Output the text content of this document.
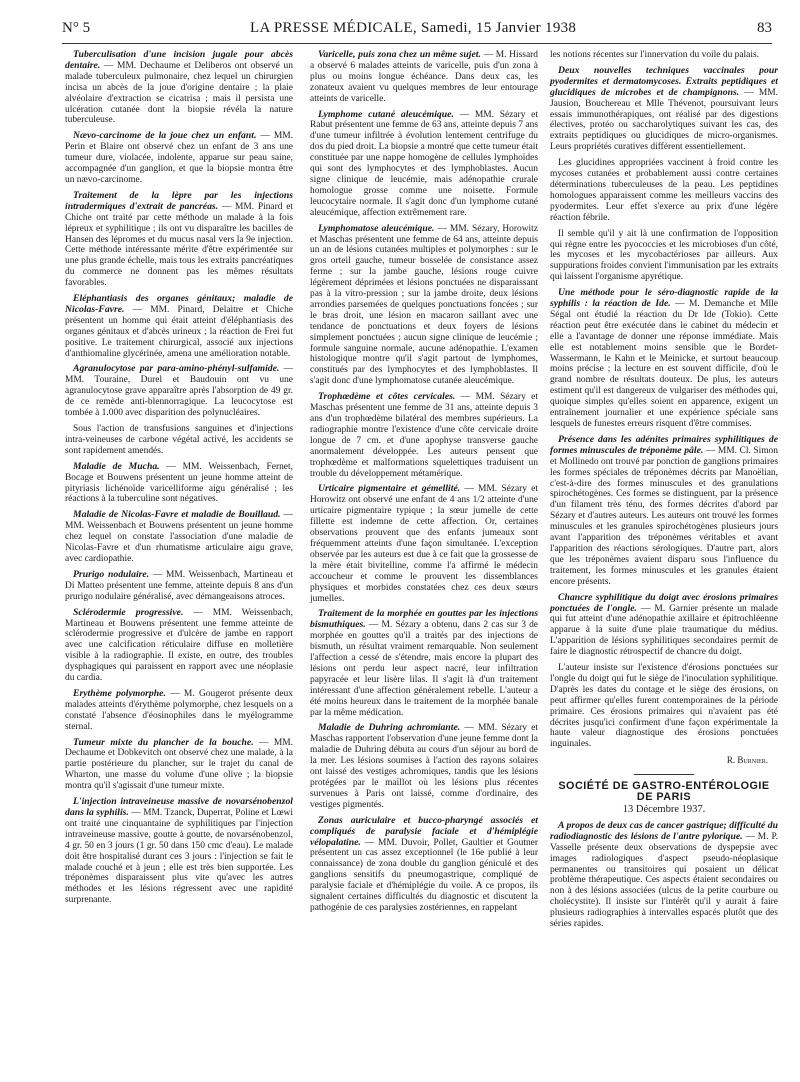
N° 5	LA PRESSE MÉDICALE, Samedi, 15 Janvier 1938	83

Tuberculisation d'une incision jugale pour abcès dentaire. — MM. Dechaume et Deliberos ont observé un malade tuberculeux pulmonaire, chez lequel un chirurgien incisa un abcès de la joue d'origine dentaire ; la plaie alvéolaire d'extraction se cicatrisa ; mais il persista une ulcération cutanée dont la biopsie révéla la nature tuberculeuse.

Nævo-carcinome de la joue chez un enfant. — MM. Perin et Blaire ont observé chez un enfant de 3 ans une tumeur dure, violacée, indolente, apparue sur peau saine, accompagnée d'un ganglion, et que la biopsie montra être un nævo-carcinome.

Traitement de la lèpre par les injections intradermiques d'extrait de pancréas. — MM. Pinard et Chiche ont traité par cette méthode un malade à la fois lépreux et syphilitique ; ils ont vu disparaître les bacilles de Hansen des lépromes et du mucus nasal vers la 9e injection. Cette méthode intéressante mérite d'être expérimentée sur une plus grande échelle, mais tous les extraits pancréatiques du commerce ne donnent pas les mêmes résultats favorables.

Eléphantiasis des organes génitaux; maladie de Nicolas-Favre. — MM. Pinard, Delaitre et Chiche présentent un homme qui était atteint d'éléphantiasis des organes génitaux et d'abcès urineux ; la réaction de Frei fut positive. Le traitement chirurgical, associé aux injections d'anthiomaline glycérinée, amena une amélioration notable.

Agranulocytose par para-amino-phényl-sulfamide. — MM. Touraine, Durel et Baudouin ont vu une agranulocytose grave apparaître après l'absorption de 49 gr. de ce remède anti-blennorragique. La leucocytose est tombée à 1.000 avec disparition des polynucléaires.

Sous l'action de transfusions sanguines et d'injections intra-veineuses de carbone végétal activé, les accidents se sont rapidement amendés.

Maladie de Mucha. — MM. Weissenbach, Fernet, Bocage et Bouwens présentent un jeune homme atteint de pityriasis lichénoïde varicelliforme aigu généralisé ; les réactions à la tuberculine sont négatives.

Maladie de Nicolas-Favre et maladie de Bouillaud. — MM. Weissenbach et Bouwens présentent un jeune homme chez lequel on constate l'association d'une maladie de Nicolas-Favre et d'un rhumatisme articulaire aigu grave, avec cardiopathie.

Prurigo nodulaire. — MM. Weissenbach, Martineau et Di Matteo présentent une femme, atteinte depuis 8 ans d'un prurigo nodulaire généralisé, avec démangeaisons atroces.

Sclérodermie progressive. — MM. Weissenbach, Martineau et Bouwens présentent une femme atteinte de sclérodermie progressive et d'ulcère de jambe en rapport avec une calcification réticulaire diffuse en molletière visible à la radiographie. Il existe, en outre, des troubles dysphagiques qui paraissent en rapport avec une néoplasie du cardia.

Erythème polymorphe. — M. Gougerot présente deux malades atteints d'érythème polymorphe, chez lesquels on a constaté l'absence d'éosinophiles dans le myélogramme sternal.

Tumeur mixte du plancher de la bouche. — MM. Dechaume et Dobkevitch ont observé chez une malade, à la partie postérieure du plancher, sur le trajet du canal de Wharton, une masse du volume d'une olive ; la biopsie montra qu'il s'agissait d'une tumeur mixte.

L'injection intraveineuse massive de novarsénobenzol dans la syphilis. — MM. Tzanck, Duperrat, Poline et Lœwi ont traité une cinquantaine de syphilitiques par l'injection intraveineuse massive, goutte à goutte, de novarsénobenzol, 4 gr. 50 en 3 jours (1 gr. 50 dans 150 cmc d'eau). Le malade doit être hospitalisé durant ces 3 jours : l'injection se fait le malade couché et à jeun ; elle est très bien supportée. Les tréponèmes disparaissent plus vite qu'avec les autres méthodes et les lésions régressent avec une rapidité surprenante.

Varicelle, puis zona chez un même sujet. — M. Hissard a observé 6 malades atteints de varicelle, puis d'un zona à plus ou moins longue échéance. Dans deux cas, les zonateux avaient vu quelques membres de leur entourage atteints de varicelle.

Lymphome cutané aleucémique. — MM. Sézary et Rabut présentent une femme de 63 ans, atteinte depuis 7 ans d'une tumeur infiltrée à évolution lentement centrifuge du dos du pied droit. La biopsie a montré que cette tumeur était constituée par une nappe homogène de cellules lymphoïdes qui sont des lymphocytes et des lymphoblastes. Aucun signe clinique de leucémie, mais adénopathie crurale homologue grosse comme une noisette. Formule leucocytaire normale. Il s'agit donc d'un lymphome cutané aleucémique, affection extrêmement rare.

Lymphomatose aleucémique. — MM. Sézary, Horowitz et Maschas présentent une femme de 64 ans, atteinte depuis un an de lésions cutanées multiples et polymorphes : sur le gros orteil gauche, tumeur bosselée de consistance assez ferme ; sur la jambe gauche, lésions rouge cuivre légèrement déprimées et lésions ponctuées ne disparaissant pas à la vitro-pression ; sur la jambe droite, deux lésions arrondies parsemées de quelques ponctuations foncées ; sur le bras droit, une lésion en macaron saillant avec une tendance de ponctuations et deux foyers de lésions simplement ponctuées ; aucun signe clinique de leucémie ; formule sanguine normale, aucune adénopathie. L'examen histologique montre qu'il s'agit partout de lymphomes, constitués par des lymphocytes et des lymphoblastes. Il s'agit donc d'une lymphomatose cutanée aleucémique.

Trophœdème et côtes cervicales. — MM. Sézary et Maschas présentent une femme de 31 ans, atteinte depuis 3 ans d'un trophœdème bilatéral des membres supérieurs. La radiographie montre l'existence d'une côte cervicale droite longue de 7 cm. et d'une apophyse transverse gauche anormalement développée. Les auteurs pensent que trophœdème et malformations squelettiques traduisent un trouble du développement métamérique.

Urticaire pigmentaire et gémellité. — MM. Sézary et Horowitz ont observé une enfant de 4 ans 1/2 atteinte d'une urticaire pigmentaire typique ; la sœur jumelle de cette fillette est indemne de cette affection. Or, certaines observations prouvent que des enfants jumeaux sont fréquemment atteints d'une façon simultanée. L'exception observée par les auteurs est due à ce fait que la grossesse de la mère était bivitelline, comme l'a affirmé le médecin accoucheur et comme le prouvent les dissemblances physiques et morbides constatées chez ces deux sœurs jumelles.

Traitement de la morphée en gouttes par les injections bismuthiques. — M. Sézary a obtenu, dans 2 cas sur 3 de morphée en gouttes qu'il a traités par des injections de bismuth, un résultat vraiment remarquable. Non seulement l'affection a cessé de s'étendre, mais encore la plupart des lésions ont perdu leur aspect nacré, leur infiltration papyracée et leur lisère lilas. Il s'agit là d'un traitement intéressant d'une affection généralement rebelle. L'auteur a été moins heureux dans le traitement de la morphée banale par la même médication.

Maladie de Duhring achromiante. — MM. Sézary et Maschas rapportent l'observation d'une jeune femme dont la maladie de Duhring débuta au cours d'un séjour au bord de la mer. Les lésions soumises à l'action des rayons solaires ont laissé des vestiges achromiques, tandis que les lésions protégées par le maillot où les lésions plus récentes survenues à Paris ont laissé, comme d'ordinaire, des vestiges pigmentés.

Zonas auriculaire et bucco-pharyngé associés et compliqués de paralysie faciale et d'hémiplégie vélopalatine. — MM. Duvoir, Pollet, Gaultier et Goutner présentent un cas assez exceptionnel (le 16e publié à leur connaissance) de zona double du ganglion géniculé et des ganglions sensitifs du pneumogastrique, compliqué de paralysie faciale et d'hémiplégie du voile. A ce propos, ils signalent certaines difficultés du diagnostic et discutent la pathogénie de ces paralysies zostériennes, en rappelant

les notions récentes sur l'innervation du voile du palais.

Deux nouvelles techniques vaccinales pour pyodermites et dermatomycoses. Extraits peptidiques et glucidiques de microbes et de champignons. — MM. Jausion, Bouchereau et Mlle Thévenot, poursuivant leurs essais immunothérapiques, ont réalisé par des digestions électives, protéo ou saccharolytiques suivant les cas, des extraits peptidiques ou glucidiques de micro-organismes. Leurs propriétés curatives diffèrent essentiellement.

Les glucidines appropriées vaccinent à froid contre les mycoses cutanées et probablement aussi contre certaines déterminations tuberculeuses de la peau. Les peptidines homologues apparaissent comme les meilleurs vaccins des pyodermites. Leur effet s'exerce au prix d'une légère réaction fébrile.

Il semble qu'il y ait là une confirmation de l'opposition qui règne entre les pyococcies et les microbioses d'un côté, les mycoses et les mycobactérioses par ailleurs. Aux suppurations froides convient l'immunisation par les extraits qui laissent l'organisme apyrétique.

Une méthode pour le séro-diagnostic rapide de la syphilis : la réaction de Ide. — M. Demanche et Mlle Ségal ont étudié la réaction du Dr Ide (Tokio). Cette réaction peut être exécutée dans le cabinet du médecin et elle a l'avantage de donner une réponse immédiate. Mais elle est notablement moins sensible que le Bordet-Wassermann, le Kahn et le Meinicke, et surtout beaucoup moins précise ; la lecture en est souvent difficile, d'où le grand nombre de résultats douteux. De plus, les auteurs estiment qu'il est dangereux de vulgariser des méthodes qui, quoique simples qu'elles soient en apparence, exigent un entraînement journalier et une expérience spéciale sans lesquels de funestes erreurs risquent d'être commises.

Présence dans les adénites primaires syphilitiques de formes minuscules de tréponème pâle. — MM. Cl. Simon et Mollinedo ont trouvé par ponction de ganglions primaires les formes spéciales de tréponèmes décrits par Manoëlian, c'est-à-dire des formes minuscules et des granulations spirochétogènes. Ces formes se distinguent, par la présence d'un filament très ténu, des formes décrites d'abord par Sézary et d'autres auteurs. Les auteurs ont trouvé les formes minuscules et les granules spirochétogènes plusieurs jours avant l'apparition des tréponèmes véritables et avant l'apparition des réactions sérologiques. D'autre part, alors que les tréponèmes avaient disparu sous l'influence du traitement, les formes minuscules et les granules étaient encore présents.

Chancre syphilitique du doigt avec érosions primaires ponctuées de l'ongle. — M. Garnier présente un malade qui fut atteint d'une adénopathie axillaire et épitrochléenne apparue à la suite d'une plaie traumatique du médius. L'apparition de lésions syphilitiques secondaires permit de faire le diagnostic rétrospectif de chancre du doigt.

L'auteur insiste sur l'existence d'érosions ponctuées sur l'ongle du doigt qui fut le siège de l'inoculation syphilitique. D'après les dates du contage et le siège des érosions, on peut affirmer qu'elles furent contemporaines de la période primaire. Ces érosions primaires qui n'avaient pas été décrites jusqu'ici confirment d'une façon expérimentale la haute valeur diagnostique des érosions ponctuées inguinales.

R. Burnier.
SOCIÉTÉ DE GASTRO-ENTÉROLOGIE DE PARIS
13 Décembre 1937.

A propos de deux cas de cancer gastrique; difficulté du radiodiagnostic des lésions de l'antre pylorique. — M. P. Vasselle présente deux observations de dyspepsie avec images radiologiques d'aspect pseudo-néoplasique permanentes ou transitoires qui posaient un délicat problème thérapeutique. Ces aspects étaient secondaires ou non à des lésions associées (ulcus de la petite courbure ou cholécystite). Il insiste sur l'intérêt qu'il y aurait à faire plusieurs radiographies à intervalles espacés plutôt que des séries rapides.
